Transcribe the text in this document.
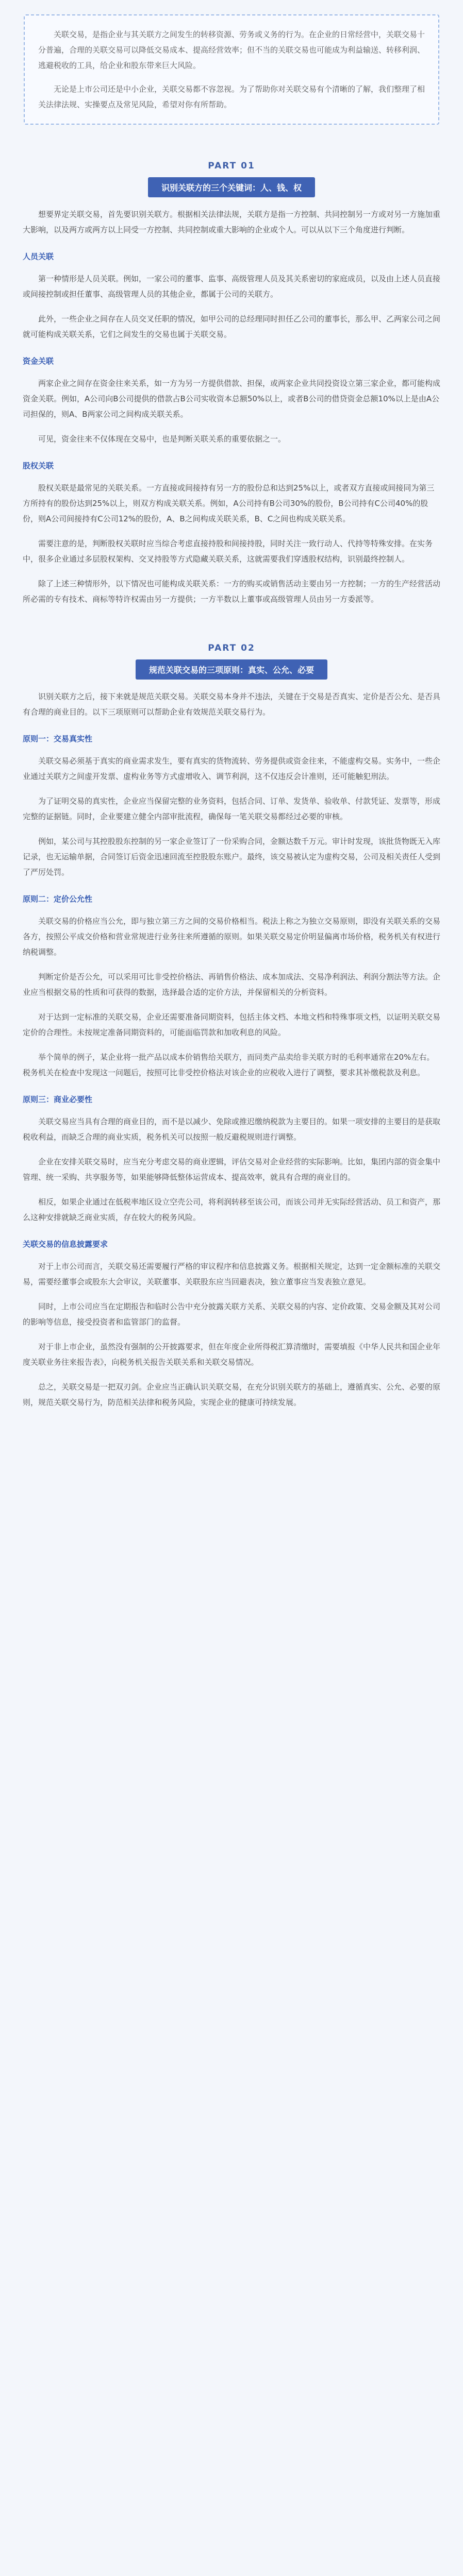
关联交易，是指企业与其关联方之间发生的转移资源、劳务或义务的行为。在企业的日常经营中，关联交易十分普遍，合理的关联交易可以降低交易成本、提高经营效率；但不当的关联交易也可能成为利益输送、转移利润、逃避税收的工具，给企业和股东带来巨大风险。

无论是上市公司还是中小企业，关联交易都不容忽视。为了帮助你对关联交易有个清晰的了解，我们整理了相关法律法规、实操要点及常见风险，希望对你有所帮助。

PART 01
识别关联方的三个关键词：人、钱、权

想要界定关联交易，首先要识别关联方。根据相关法律法规，关联方是指一方控制、共同控制另一方或对另一方施加重大影响，以及两方或两方以上同受一方控制、共同控制或重大影响的企业或个人。可以从以下三个角度进行判断。

人员关联

第一种情形是人员关联。例如，一家公司的董事、监事、高级管理人员及其关系密切的家庭成员，以及由上述人员直接或间接控制或担任董事、高级管理人员的其他企业，都属于公司的关联方。

此外，一些企业之间存在人员交叉任职的情况，如甲公司的总经理同时担任乙公司的董事长，那么甲、乙两家公司之间就可能构成关联关系，它们之间发生的交易也属于关联交易。

资金关联

两家企业之间存在资金往来关系，如一方为另一方提供借款、担保，或两家企业共同投资设立第三家企业，都可能构成资金关联。例如，A公司向B公司提供的借款占B公司实收资本总额50%以上，或者B公司的借贷资金总额10%以上是由A公司担保的，则A、B两家公司之间构成关联关系。

可见，资金往来不仅体现在交易中，也是判断关联关系的重要依据之一。

股权关联

股权关联是最常见的关联关系。一方直接或间接持有另一方的股份总和达到25%以上，或者双方直接或间接同为第三方所持有的股份达到25%以上，则双方构成关联关系。例如，A公司持有B公司30%的股份，B公司持有C公司40%的股份，则A公司间接持有C公司12%的股份，A、B之间构成关联关系，B、C之间也构成关联关系。

需要注意的是，判断股权关联时应当综合考虑直接持股和间接持股，同时关注一致行动人、代持等特殊安排。在实务中，很多企业通过多层股权架构、交叉持股等方式隐藏关联关系，这就需要我们穿透股权结构，识别最终控制人。

除了上述三种情形外，以下情况也可能构成关联关系：一方的购买或销售活动主要由另一方控制；一方的生产经营活动所必需的专有技术、商标等特许权需由另一方提供；一方半数以上董事或高级管理人员由另一方委派等。

PART 02
规范关联交易的三项原则：真实、公允、必要

识别关联方之后，接下来就是规范关联交易。关联交易本身并不违法，关键在于交易是否真实、定价是否公允、是否具有合理的商业目的。以下三项原则可以帮助企业有效规范关联交易行为。

原则一：交易真实性

关联交易必须基于真实的商业需求发生，要有真实的货物流转、劳务提供或资金往来，不能虚构交易。实务中，一些企业通过关联方之间虚开发票、虚构业务等方式虚增收入、调节利润，这不仅违反会计准则，还可能触犯刑法。

为了证明交易的真实性，企业应当保留完整的业务资料，包括合同、订单、发货单、验收单、付款凭证、发票等，形成完整的证据链。同时，企业要建立健全内部审批流程，确保每一笔关联交易都经过必要的审核。

例如，某公司与其控股股东控制的另一家企业签订了一份采购合同，金额达数千万元。审计时发现，该批货物既无入库记录，也无运输单据，合同签订后资金迅速回流至控股股东账户。最终，该交易被认定为虚构交易，公司及相关责任人受到了严厉处罚。

原则二：定价公允性

关联交易的价格应当公允，即与独立第三方之间的交易价格相当。税法上称之为独立交易原则，即没有关联关系的交易各方，按照公平成交价格和营业常规进行业务往来所遵循的原则。如果关联交易定价明显偏离市场价格，税务机关有权进行纳税调整。

判断定价是否公允，可以采用可比非受控价格法、再销售价格法、成本加成法、交易净利润法、利润分割法等方法。企业应当根据交易的性质和可获得的数据，选择最合适的定价方法，并保留相关的分析资料。

对于达到一定标准的关联交易，企业还需要准备同期资料，包括主体文档、本地文档和特殊事项文档，以证明关联交易定价的合理性。未按规定准备同期资料的，可能面临罚款和加收利息的风险。

举个简单的例子，某企业将一批产品以成本价销售给关联方，而同类产品卖给非关联方时的毛利率通常在20%左右。税务机关在检查中发现这一问题后，按照可比非受控价格法对该企业的应税收入进行了调整，要求其补缴税款及利息。

原则三：商业必要性

关联交易应当具有合理的商业目的，而不是以减少、免除或推迟缴纳税款为主要目的。如果一项安排的主要目的是获取税收利益，而缺乏合理的商业实质，税务机关可以按照一般反避税规则进行调整。

企业在安排关联交易时，应当充分考虑交易的商业逻辑，评估交易对企业经营的实际影响。比如，集团内部的资金集中管理、统一采购、共享服务等，如果能够降低整体运营成本、提高效率，就具有合理的商业目的。

相反，如果企业通过在低税率地区设立空壳公司，将利润转移至该公司，而该公司并无实际经营活动、员工和资产，那么这种安排就缺乏商业实质，存在较大的税务风险。

关联交易的信息披露要求

对于上市公司而言，关联交易还需要履行严格的审议程序和信息披露义务。根据相关规定，达到一定金额标准的关联交易，需要经董事会或股东大会审议，关联董事、关联股东应当回避表决，独立董事应当发表独立意见。

同时，上市公司应当在定期报告和临时公告中充分披露关联方关系、关联交易的内容、定价政策、交易金额及其对公司的影响等信息，接受投资者和监管部门的监督。

对于非上市企业，虽然没有强制的公开披露要求，但在年度企业所得税汇算清缴时，需要填报《中华人民共和国企业年度关联业务往来报告表》，向税务机关报告关联关系和关联交易情况。

总之，关联交易是一把双刃剑。企业应当正确认识关联交易，在充分识别关联方的基础上，遵循真实、公允、必要的原则，规范关联交易行为，防范相关法律和税务风险，实现企业的健康可持续发展。
